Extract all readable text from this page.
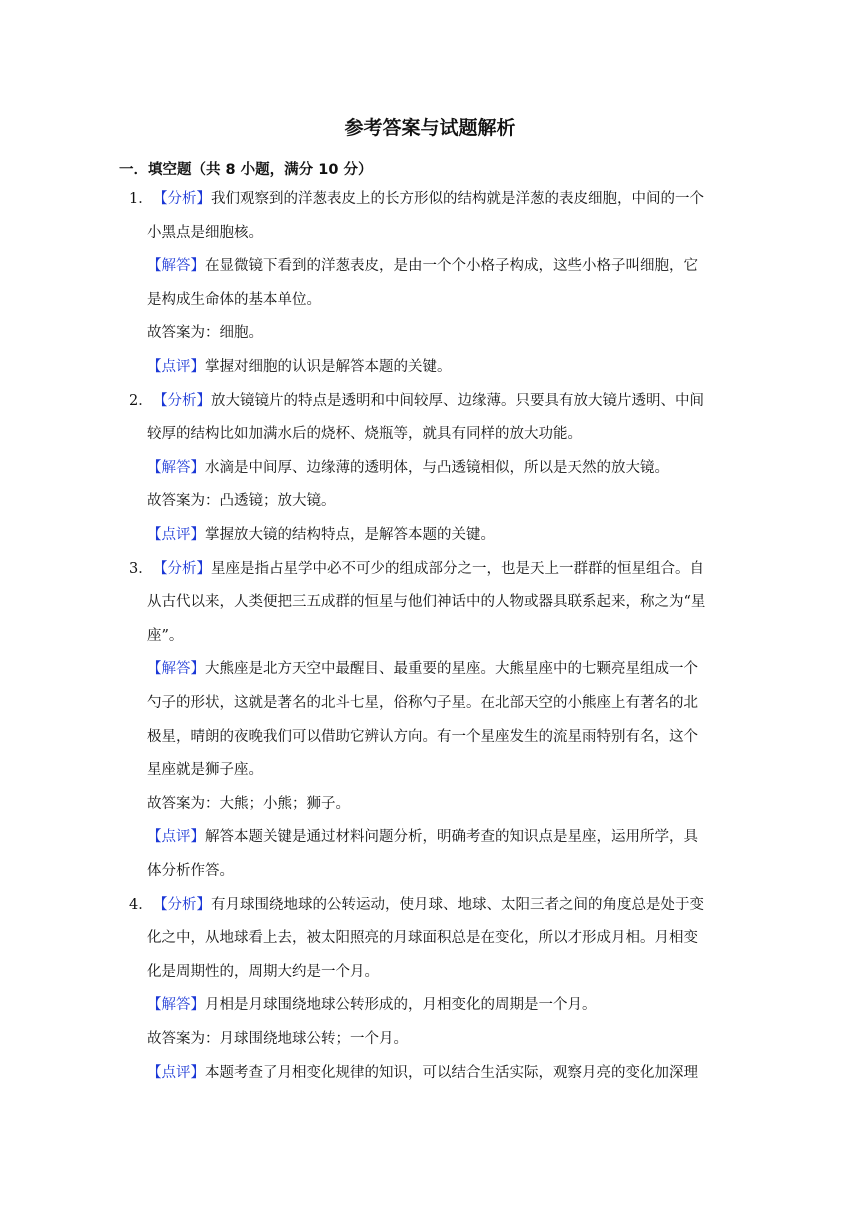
参考答案与试题解析
一．填空题（共 8 小题，满分 10 分）
1． 【分析】我们观察到的洋葱表皮上的长方形似的结构就是洋葱的表皮细胞，中间的一个
小黑点是细胞核。
【解答】在显微镜下看到的洋葱表皮，是由一个个小格子构成，这些小格子叫细胞，它
是构成生命体的基本单位。
故答案为：细胞。
【点评】掌握对细胞的认识是解答本题的关键。
2． 【分析】放大镜镜片的特点是透明和中间较厚、边缘薄。只要具有放大镜片透明、中间
较厚的结构比如加满水后的烧杯、烧瓶等，就具有同样的放大功能。
【解答】水滴是中间厚、边缘薄的透明体，与凸透镜相似，所以是天然的放大镜。
故答案为：凸透镜；放大镜。
【点评】掌握放大镜的结构特点，是解答本题的关键。
3． 【分析】星座是指占星学中必不可少的组成部分之一，也是天上一群群的恒星组合。自
从古代以来，人类便把三五成群的恒星与他们神话中的人物或器具联系起来，称之为“星
座”。
【解答】大熊座是北方天空中最醒目、最重要的星座。大熊星座中的七颗亮星组成一个
勺子的形状，这就是著名的北斗七星，俗称勺子星。在北部天空的小熊座上有著名的北
极星，晴朗的夜晚我们可以借助它辨认方向。有一个星座发生的流星雨特别有名，这个
星座就是狮子座。
故答案为：大熊；小熊；狮子。
【点评】解答本题关键是通过材料问题分析，明确考查的知识点是星座，运用所学，具
体分析作答。
4． 【分析】有月球围绕地球的公转运动，使月球、地球、太阳三者之间的角度总是处于变
化之中，从地球看上去，被太阳照亮的月球面积总是在变化，所以才形成月相。月相变
化是周期性的，周期大约是一个月。
【解答】月相是月球围绕地球公转形成的，月相变化的周期是一个月。
故答案为：月球围绕地球公转；一个月。
【点评】本题考查了月相变化规律的知识，可以结合生活实际，观察月亮的变化加深理
